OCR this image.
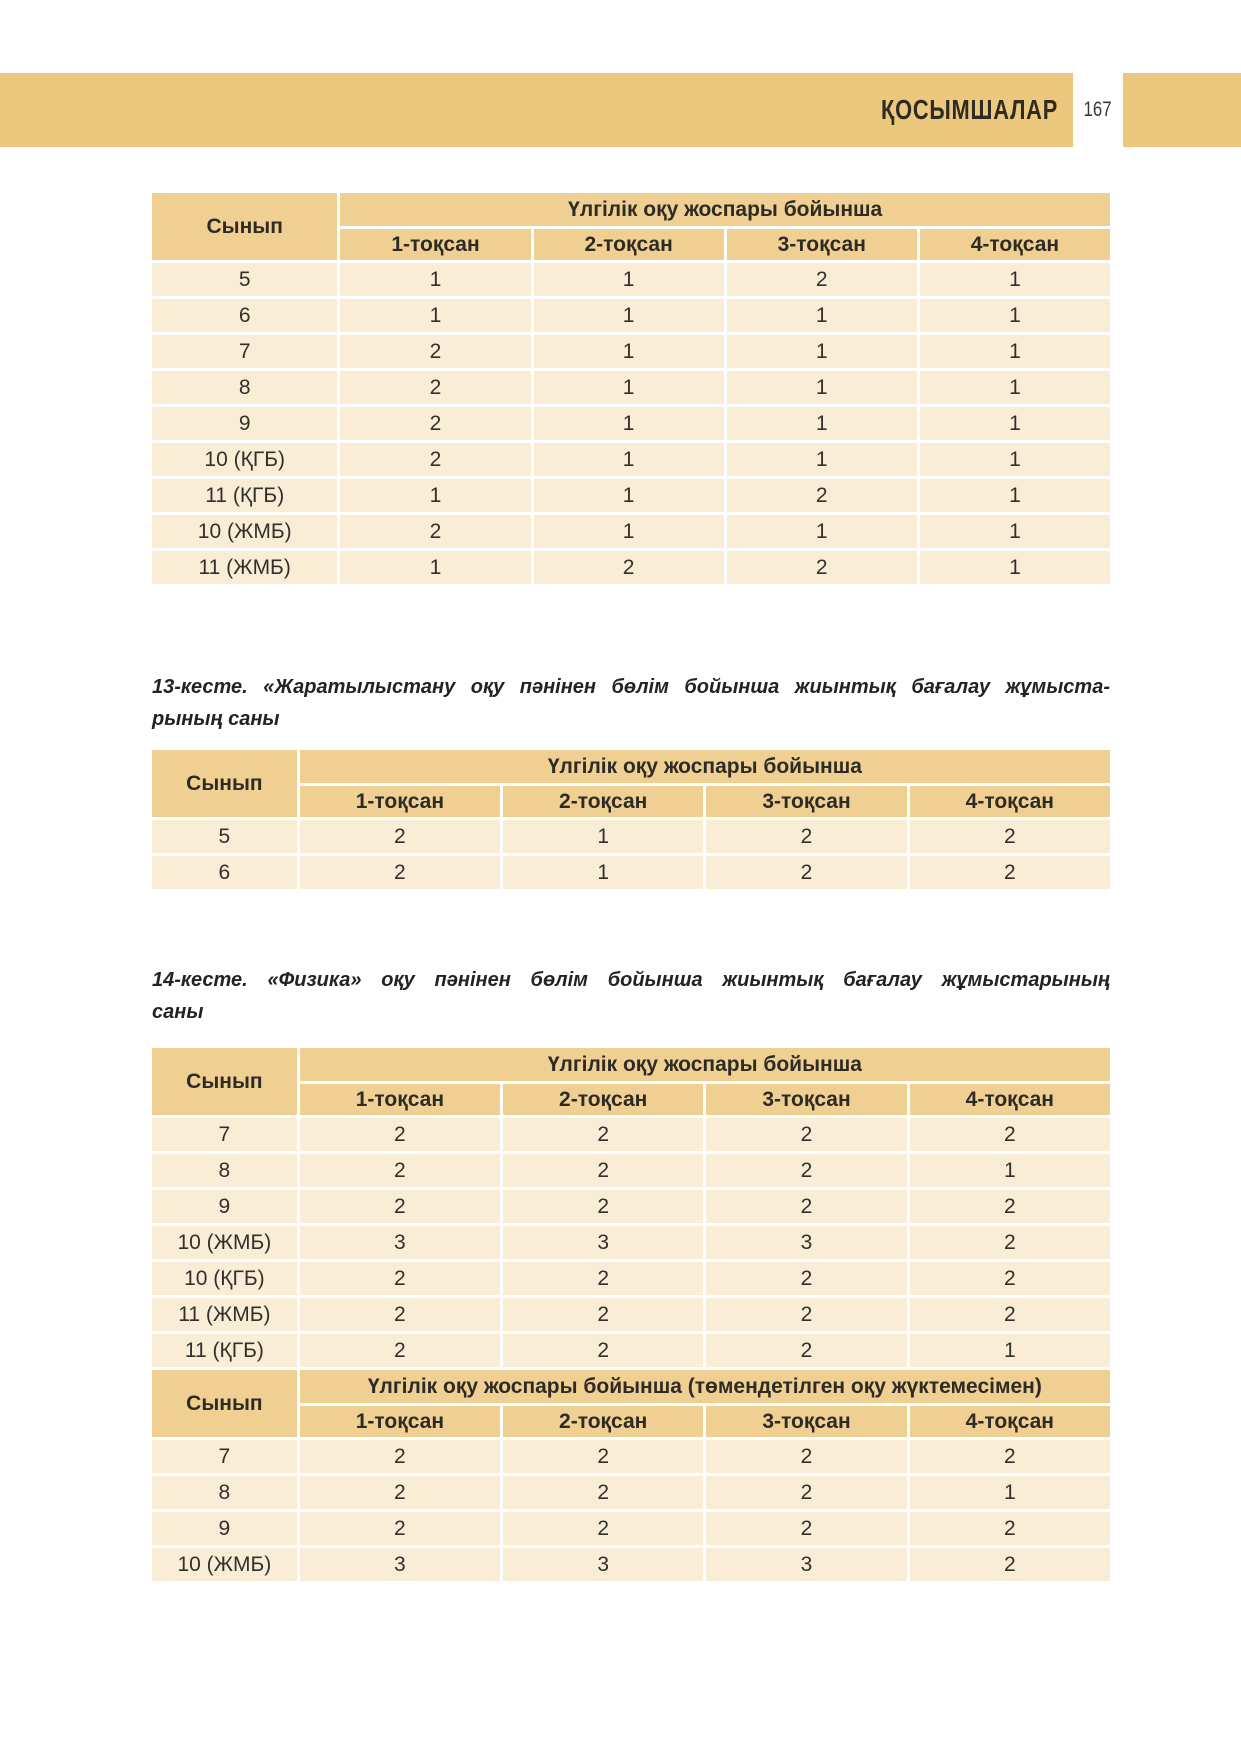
ҚОСЫМШАЛАР 167
Сынып	Үлгілік оқу жоспары бойынша			
	1-тоқсан	2-тоқсан	3-тоқсан	4-тоқсан
5	1	1	2	1
6	1	1	1	1
7	2	1	1	1
8	2	1	1	1
9	2	1	1	1
10 (ҚГБ)	2	1	1	1
11 (ҚГБ)	1	1	2	1
10 (ЖМБ)	2	1	1	1
11 (ЖМБ)	1	2	2	1
13-кесте. «Жаратылыстану оқу пәнінен бөлім бойынша жиынтық бағалау жұмыста-
рының саны
Сынып	Үлгілік оқу жоспары бойынша			
	1-тоқсан	2-тоқсан	3-тоқсан	4-тоқсан
5	2	1	2	2
6	2	1	2	2
14-кесте. «Физика» оқу пәнінен бөлім бойынша жиынтық бағалау жұмыстарының
саны
Сынып	Үлгілік оқу жоспары бойынша			
	1-тоқсан	2-тоқсан	3-тоқсан	4-тоқсан
7	2	2	2	2
8	2	2	2	1
9	2	2	2	2
10 (ЖМБ)	3	3	3	2
10 (ҚГБ)	2	2	2	2
11 (ЖМБ)	2	2	2	2
11 (ҚГБ)	2	2	2	1
Сынып	Үлгілік оқу жоспары бойынша (төмендетілген оқу жүктемесімен)			
	1-тоқсан	2-тоқсан	3-тоқсан	4-тоқсан
7	2	2	2	2
8	2	2	2	1
9	2	2	2	2
10 (ЖМБ)	3	3	3	2
